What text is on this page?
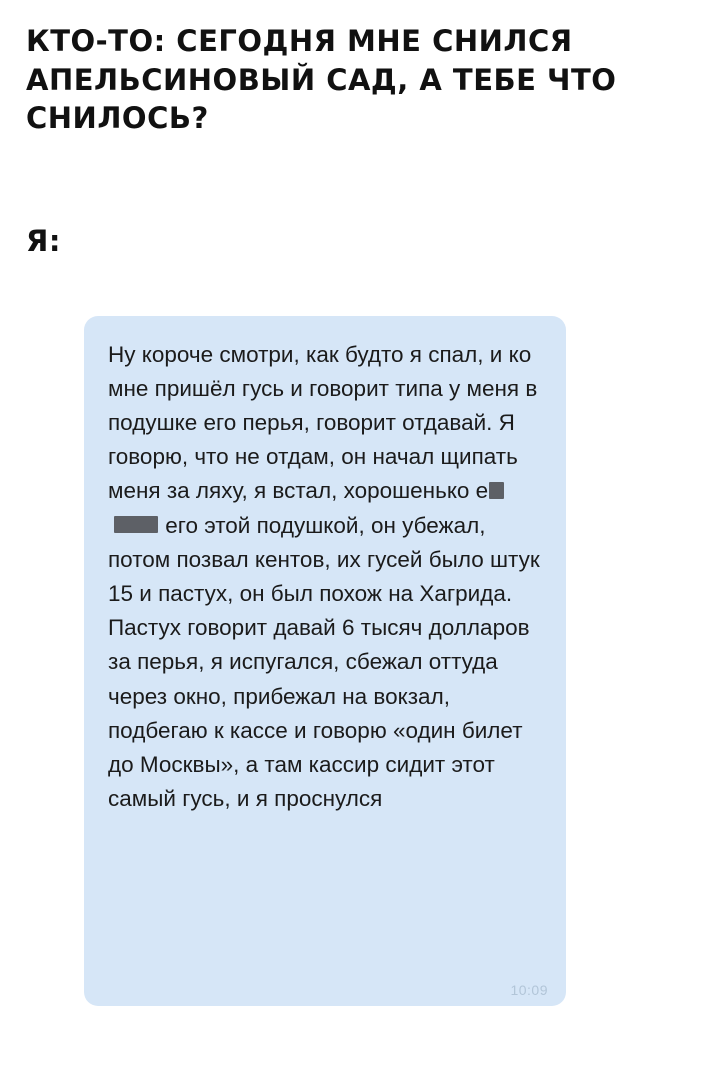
КТО-ТО: СЕГОДНЯ МНЕ СНИЛСЯ АПЕЛЬСИНОВЫЙ САД, А ТЕБЕ ЧТО СНИЛОСЬ?
Я:
Ну короче смотри, как будто я спал, и ко мне пришёл гусь и говорит типа у меня в подушке его перья, говорит отдавай. Я говорю, что не отдам, он начал щипать меня за ляху, я встал, хорошенько е его этой подушкой, он убежал, потом позвал кентов, их гусей было штук 15 и пастух, он был похож на Хагрида. Пастух говорит давай 6 тысяч долларов за перья, я испугался, сбежал оттуда через окно, прибежал на вокзал, подбегаю к кассе и говорю «один билет до Москвы», а там кассир сидит этот самый гусь, и я проснулся
10:09
